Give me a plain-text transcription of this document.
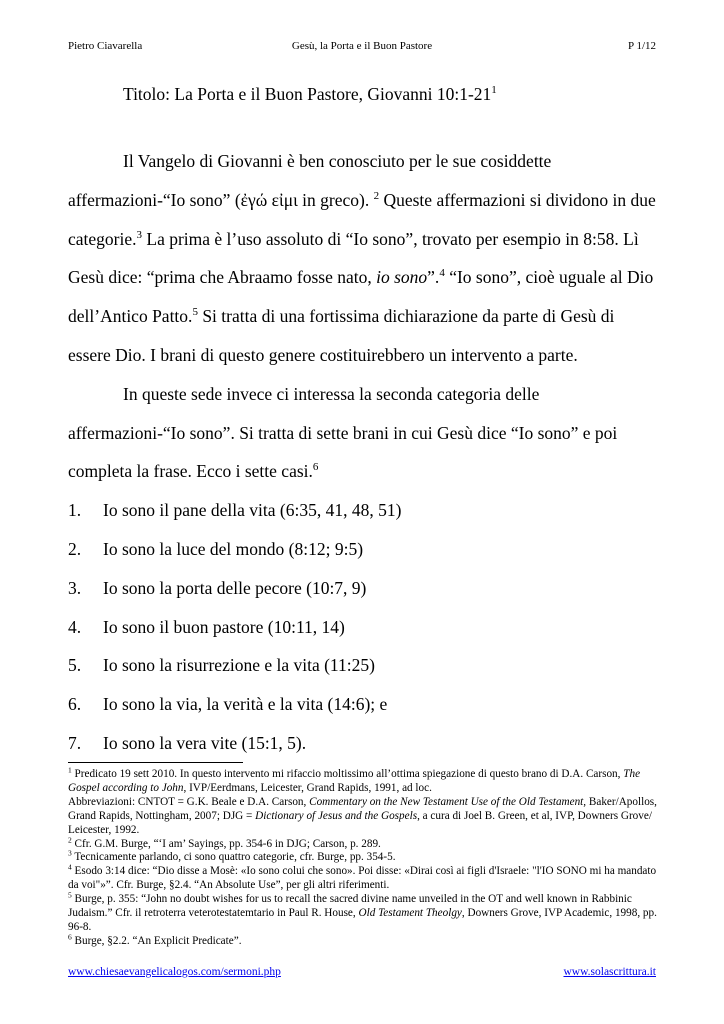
Pietro Ciavarella	Gesù, la Porta e il Buon Pastore	P 1/12
Titolo: La Porta e il Buon Pastore, Giovanni $10:1-21^1$

Il Vangelo di Giovanni è ben conosciuto per le sue cosiddette affermazioni-“Io sono” (ἐγώ εἰμι in greco). $^2$ Queste affermazioni si dividono in due categorie.$^3$ La prima è l’uso assoluto di “Io sono”, trovato per esempio in 8:58. Lì Gesù dice: “prima che Abraamo fosse nato, io sono”.$^4$ “Io sono”, cioè uguale al Dio dell’Antico Patto.$^5$ Si tratta di una fortissima dichiarazione da parte di Gesù di essere Dio. I brani di questo genere costituirebbero un intervento a parte.

In queste sede invece ci interessa la seconda categoria delle affermazioni-“Io sono”. Si tratta di sette brani in cui Gesù dice “Io sono” e poi completa la frase. Ecco i sette casi.$^6$

1. Io sono il pane della vita (6:35, 41, 48, 51)
2. Io sono la luce del mondo (8:12; 9:5)
3. Io sono la porta delle pecore (10:7, 9)
4. Io sono il buon pastore (10:11, 14)
5. Io sono la risurrezione e la vita (11:25)
6. Io sono la via, la verità e la vita (14:6); e
7. Io sono la vera vite (15:1, 5).

$^1$ Predicato 19 sett 2010. In questo intervento mi rifaccio moltissimo all’ottima spiegazione di questo brano di D.A. Carson, The Gospel according to John, IVP/Eerdmans, Leicester, Grand Rapids, 1991, ad loc.

Abbreviazioni: CNTOT = G.K. Beale e D.A. Carson, Commentary on the New Testament Use of the Old Testament, Baker/Apollos, Grand Rapids, Nottingham, 2007; DJG = Dictionary of Jesus and the Gospels, a cura di Joel B. Green, et al, IVP, Downers Grove/ Leicester, 1992.

$^2$ Cfr. G.M. Burge, “‘I am’ Sayings, pp. 354-6 in DJG; Carson, p. 289.

$^3$ Tecnicamente parlando, ci sono quattro categorie, cfr. Burge, pp. 354-5.

$^4$ Esodo 3:14 dice: “Dio disse a Mosè: «Io sono colui che sono». Poi disse: «Dirai così ai figli d'Israele: "l'IO SONO mi ha mandato da voi"»”. Cfr. Burge, §2.4. “An Absolute Use”, per gli altri riferimenti.

$^5$ Burge, p. 355: “John no doubt wishes for us to recall the sacred divine name unveiled in the OT and well known in Rabbinic Judaism.” Cfr. il retroterra veterotestatemtario in Paul R. House, Old Testament Theolgy, Downers Grove, IVP Academic, 1998, pp. 96-8.

$^6$ Burge, §2.2. “An Explicit Predicate”.

www.chiesaevangelicalogos.com/sermoni.php	www.solascrittura.it
